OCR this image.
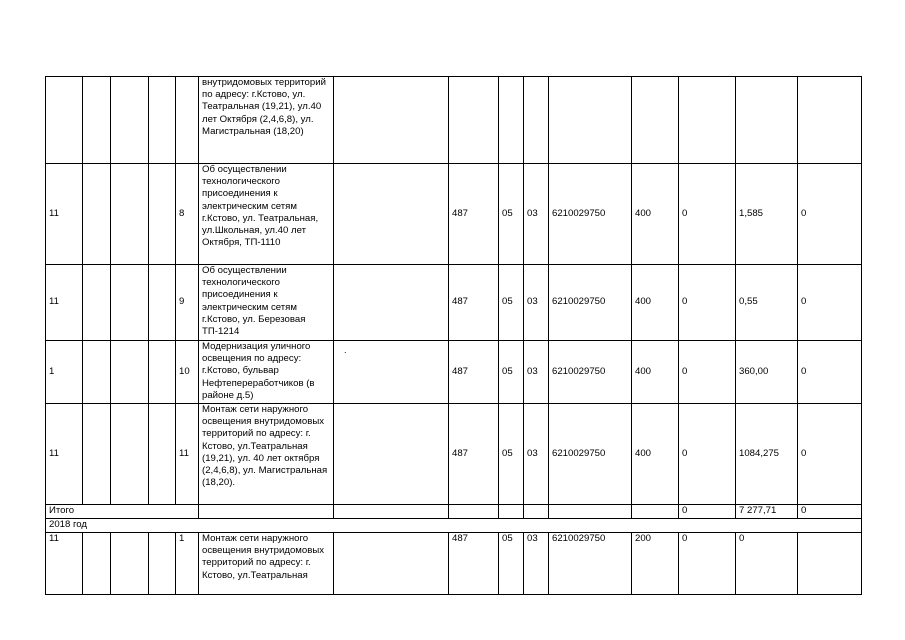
					внутридомовых территорий по адресу: г.Кстово, ул. Театральная (19,21), ул.40 лет Октября (2,4,6,8), ул. Магистральная (18,20)									
11				8	Об осуществлении технологического присоединения к электрическим сетям г.Кстово, ул. Театральная, ул.Школьная, ул.40 лет Октября, ТП-1110		487	05	03	6210029750	400	0	1,585	0
11				9	Об осуществлении технологического присоединения к электрическим сетям г.Кстово, ул. Березовая ТП-1214		487	05	03	6210029750	400	0	0,55	0
1				10	Модернизация уличного освещения по адресу: г.Кстово, бульвар Нефтепереработчиков (в районе д.5)		487	05	03	6210029750	400	0	360,00	0
11				11	Монтаж сети наружного освещения внутридомовых территорий по адресу: г. Кстово, ул.Театральная (19,21), ул. 40 лет октября (2,4,6,8), ул. Магистральная (18,20).		487	05	03	6210029750	400	0	1084,275	0
Итого												0	7 277,71	0
2018 год														
11				1	Монтаж сети наружного освещения внутридомовых территорий по адресу: г. Кстово, ул.Театральная		487	05	03	6210029750	200	0	0	
.
